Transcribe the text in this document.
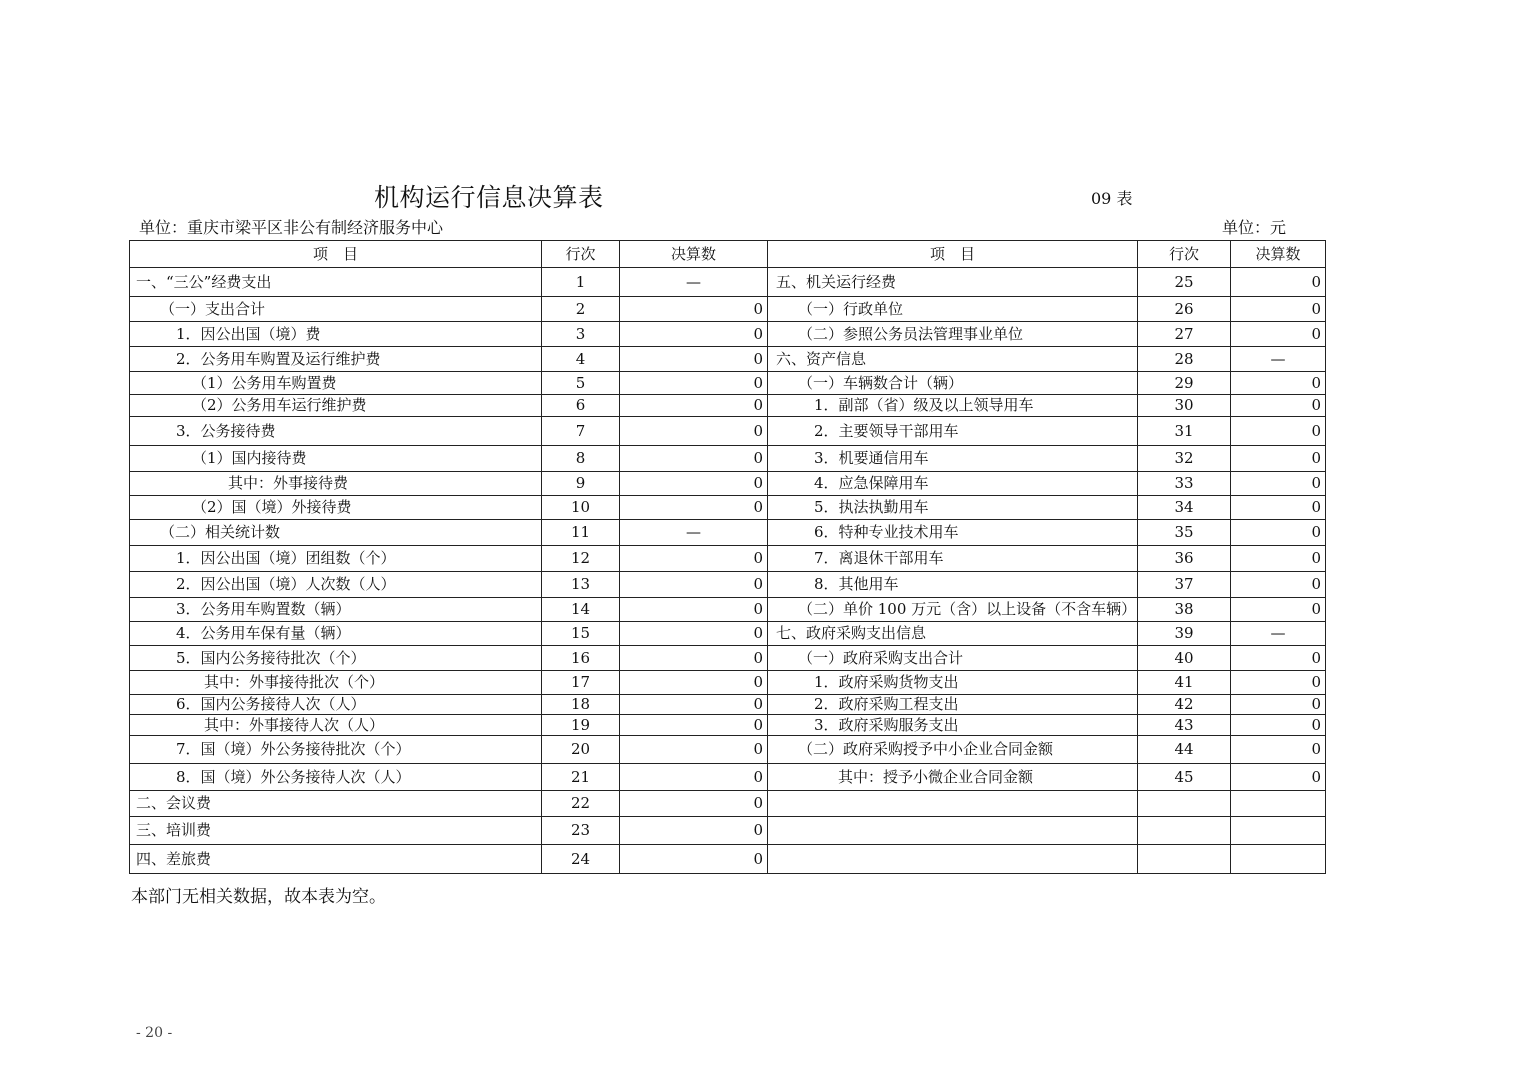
机构运行信息决算表	09 表
单位：重庆市梁平区非公有制经济服务中心	单位：元
项　目	行次	决算数	项　目	行次	决算数
一、“三公”经费支出	1	—	五、机关运行经费	25	0
（一）支出合计	2	0	（一）行政单位	26	0
1．因公出国（境）费	3	0	（二）参照公务员法管理事业单位	27	0
2．公务用车购置及运行维护费	4	0	六、资产信息	28	—
（1）公务用车购置费	5	0	（一）车辆数合计（辆）	29	0
（2）公务用车运行维护费	6	0	1．副部（省）级及以上领导用车	30	0
3．公务接待费	7	0	2．主要领导干部用车	31	0
（1）国内接待费	8	0	3．机要通信用车	32	0
其中：外事接待费	9	0	4．应急保障用车	33	0
（2）国（境）外接待费	10	0	5．执法执勤用车	34	0
（二）相关统计数	11	—	6．特种专业技术用车	35	0
1．因公出国（境）团组数（个）	12	0	7．离退休干部用车	36	0
2．因公出国（境）人次数（人）	13	0	8．其他用车	37	0
3．公务用车购置数（辆）	14	0	（二）单价 100 万元（含）以上设备（不含车辆）	38	0
4．公务用车保有量（辆）	15	0	七、政府采购支出信息	39	—
5．国内公务接待批次（个）	16	0	（一）政府采购支出合计	40	0
其中：外事接待批次（个）	17	0	1．政府采购货物支出	41	0
6．国内公务接待人次（人）	18	0	2．政府采购工程支出	42	0
其中：外事接待人次（人）	19	0	3．政府采购服务支出	43	0
7．国（境）外公务接待批次（个）	20	0	（二）政府采购授予中小企业合同金额	44	0
8．国（境）外公务接待人次（人）	21	0	其中：授予小微企业合同金额	45	0
二、会议费	22	0			
三、培训费	23	0			
四、差旅费	24	0			
本部门无相关数据，故本表为空。
- 20 -
